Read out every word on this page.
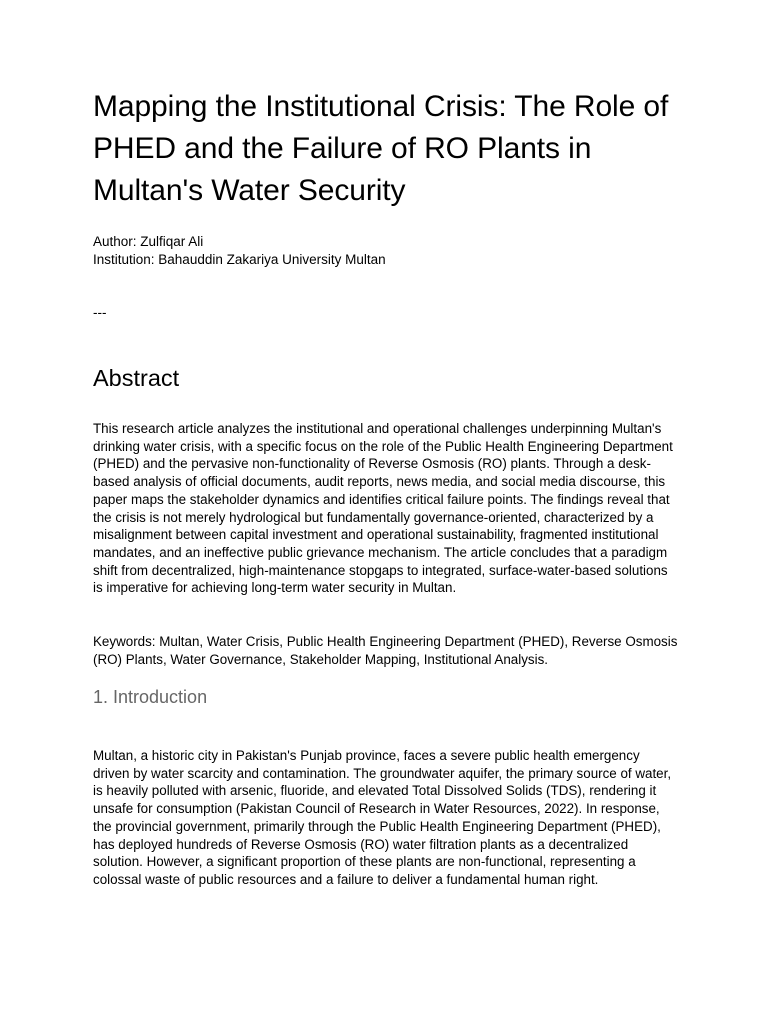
Mapping the Institutional Crisis: The Role of PHED and the Failure of RO Plants in Multan's Water Security
Author: Zulfiqar Ali
Institution: Bahauddin Zakariya University Multan
---
Abstract

This research article analyzes the institutional and operational challenges underpinning Multan's drinking water crisis, with a specific focus on the role of the Public Health Engineering Department (PHED) and the pervasive non-functionality of Reverse Osmosis (RO) plants. Through a desk-based analysis of official documents, audit reports, news media, and social media discourse, this paper maps the stakeholder dynamics and identifies critical failure points. The findings reveal that the crisis is not merely hydrological but fundamentally governance-oriented, characterized by a misalignment between capital investment and operational sustainability, fragmented institutional mandates, and an ineffective public grievance mechanism. The article concludes that a paradigm shift from decentralized, high-maintenance stopgaps to integrated, surface-water-based solutions is imperative for achieving long-term water security in Multan.

Keywords: Multan, Water Crisis, Public Health Engineering Department (PHED), Reverse Osmosis (RO) Plants, Water Governance, Stakeholder Mapping, Institutional Analysis.

1. Introduction

Multan, a historic city in Pakistan's Punjab province, faces a severe public health emergency driven by water scarcity and contamination. The groundwater aquifer, the primary source of water, is heavily polluted with arsenic, fluoride, and elevated Total Dissolved Solids (TDS), rendering it unsafe for consumption (Pakistan Council of Research in Water Resources, 2022). In response, the provincial government, primarily through the Public Health Engineering Department (PHED), has deployed hundreds of Reverse Osmosis (RO) water filtration plants as a decentralized solution. However, a significant proportion of these plants are non-functional, representing a colossal waste of public resources and a failure to deliver a fundamental human right.
